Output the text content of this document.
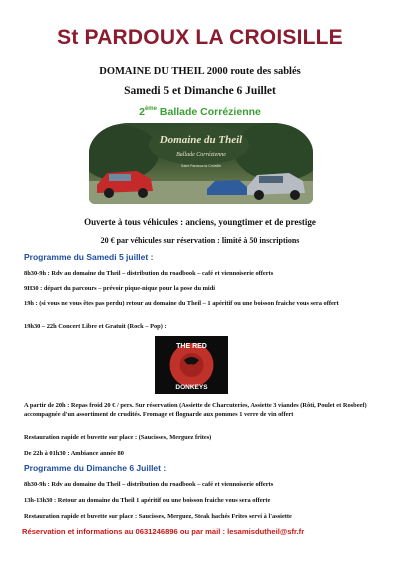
St PARDOUX LA CROISILLE
DOMAINE DU THEIL 2000 route des sablés
Samedi 5 et Dimanche 6 Juillet
2ème Ballade Corrézienne
Domaine du Theil
Ballade Corrézienne
Saint Pardoux la Croisille
Ouverte à tous véhicules : anciens, youngtimer et de prestige
20 € par véhicules sur réservation : limité à 50 inscriptions
Programme du Samedi 5 juillet :
8h30-9h : Rdv au domaine du Theil – distribution du roadbook – café et viennoiserie offerts
9H30 : départ du parcours – prévoir pique-nique pour la pose du midi
19h : (si vous ne vous êtes pas perdu) retour au domaine du Theil – 1 apéritif ou une boisson fraiche vous sera offert
19h30 – 22h Concert Libre et Gratuit (Rock – Pop) :
THE RED
DONKEYS
A partir de 20h : Repas froid 20 € / pers. Sur réservation (Assiette de Charcuteries, Assiette 3 viandes (Rôti, Poulet et Rosbeef) accompagnée d'un assortiment de crudités. Fromage et flognarde aux pommes 1 verre de vin offert
Restauration rapide et buvette sur place : (Saucisses, Merguez frites)
De 22h à 01h30 : Ambiance année 80
Programme du Dimanche 6 Juillet :
8h30-9h : Rdv au domaine du Theil – distribution du roadbook – café et viennoiserie offerts
13h-13h30 : Retour au domaine du Theil 1 apéritif ou une boisson fraiche vous sera offerte
Restauration rapide et buvette sur place : Saucisses, Merguez, Steak hachés Frites servi à l'assiette
Réservation et informations au 0631246896 ou par mail : lesamisdutheil@sfr.fr
